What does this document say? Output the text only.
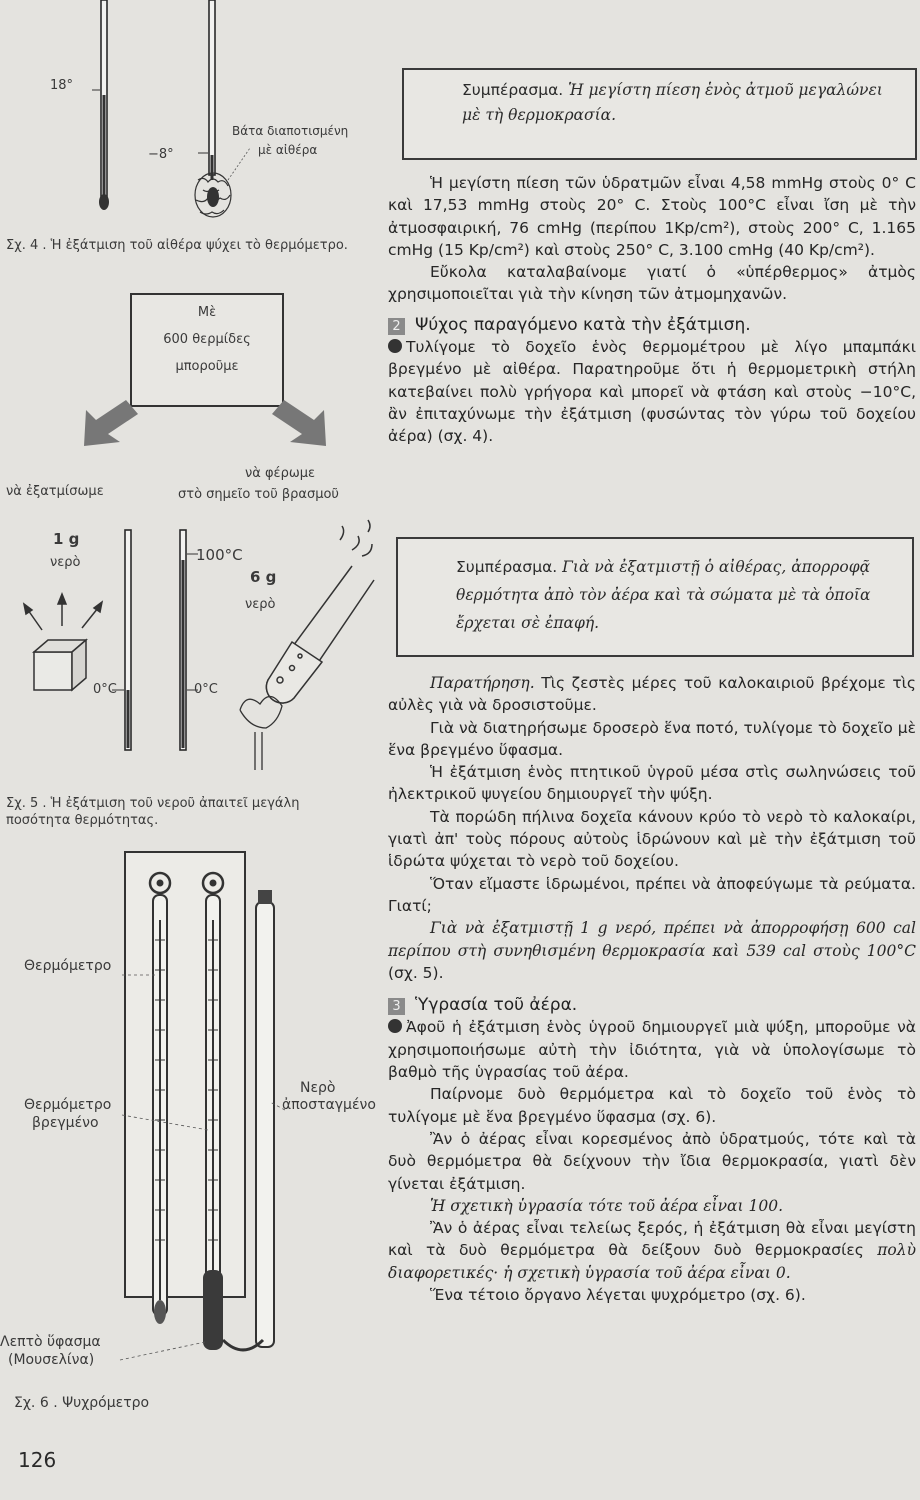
18°
−8°
Βάτα διαποτισμένη
μὲ αἰθέρα
Σχ. 4 . Ἡ ἐξάτμιση τοῦ αἰθέρα ψύχει τὸ θερμόμετρο.
Μὲ
600 θερμίδες
μποροῦμε
νὰ ἐξατμίσωμε
νὰ φέρωμε
στὸ σημεῖο τοῦ βρασμοῦ
1 g
νερὸ	100°C
6 g
νερὸ
0°C	0°C
Σχ. 5 . Ἡ ἐξάτμιση τοῦ νεροῦ ἀπαιτεῖ μεγάλη ποσότητα θερμότητας.
Θερμόμετρο
Θερμόμετρο
βρεγμένο
Νερὸ
ἀποσταγμένο
Λεπτὸ ὕφασμα
(Μουσελίνα)
Σχ. 6 . Ψυχρόμετρο
126
Συμπέρασμα. Ἡ μεγίστη πίεση ἑνὸς ἀτμοῦ μεγαλώνει μὲ τὴ θερμοκρασία.

Ἡ μεγίστη πίεση τῶν ὑδρατμῶν εἶναι 4,58 mmHg στοὺς 0° C καὶ 17,53 mmHg στοὺς 20° C. Στοὺς 100°C εἶναι ἴση μὲ τὴν ἀτμοσφαιρική, 76 cmHg (περίπου 1Kp/cm²), στοὺς 200° C, 1.165 cmHg (15 Kp/cm²) καὶ στοὺς 250° C, 3.100 cmHg (40 Kp/cm²).

Εὔκολα καταλαβαίνομε γιατί ὁ «ὑπέρθερμος» ἀτμὸς χρησιμοποιεῖται γιὰ τὴν κίνηση τῶν ἀτμομηχανῶν.

2 Ψύχος παραγόμενο κατὰ τὴν ἐξάτμιση.

Τυλίγομε τὸ δοχεῖο ἑνὸς θερμομέτρου μὲ λίγο μπαμπάκι βρεγμένο μὲ αἰθέρα. Παρατηροῦμε ὅτι ἡ θερμομετρικὴ στήλη κατεβαίνει πολὺ γρήγορα καὶ μπορεῖ νὰ φτάση καὶ στοὺς −10°C, ἂν ἐπιταχύνωμε τὴν ἐξάτμιση (φυσώντας τὸν γύρω τοῦ δοχείου ἀέρα) (σχ. 4).

Συμπέρασμα. Γιὰ νὰ ἐξατμιστῇ ὁ αἰθέρας, ἀπορροφᾷ θερμότητα ἀπὸ τὸν ἀέρα καὶ τὰ σώματα μὲ τὰ ὁποῖα ἔρχεται σὲ ἐπαφή.

Παρατήρηση. Τὶς ζεστὲς μέρες τοῦ καλοκαιριοῦ βρέχομε τὶς αὐλὲς γιὰ νὰ δροσιστοῦμε.

Γιὰ νὰ διατηρήσωμε δροσερὸ ἕνα ποτό, τυλίγομε τὸ δοχεῖο μὲ ἕνα βρεγμένο ὕφασμα.

Ἡ ἐξάτμιση ἑνὸς πτητικοῦ ὑγροῦ μέσα στὶς σωληνώσεις τοῦ ἠλεκτρικοῦ ψυγείου δημιουργεῖ τὴν ψύξη.

Τὰ πορώδη πήλινα δοχεῖα κάνουν κρύο τὸ νερὸ τὸ καλοκαίρι, γιατὶ ἀπ' τοὺς πόρους αὐτοὺς ἱδρώνουν καὶ μὲ τὴν ἐξάτμιση τοῦ ἱδρώτα ψύχεται τὸ νερὸ τοῦ δοχείου.

Ὅταν εἴμαστε ἱδρωμένοι, πρέπει νὰ ἀποφεύγωμε τὰ ρεύματα. Γιατί;

Γιὰ νὰ ἐξατμιστῇ 1 g νερό, πρέπει νὰ ἀπορροφήσῃ 600 cal περίπου στὴ συνηθισμένη θερμοκρασία καὶ 539 cal στοὺς 100°C (σχ. 5).

3 Ὑγρασία τοῦ ἀέρα.

Ἀφοῦ ἡ ἐξάτμιση ἑνὸς ὑγροῦ δημιουργεῖ μιὰ ψύξη, μποροῦμε νὰ χρησιμοποιήσωμε αὐτὴ τὴν ἰδιότητα, γιὰ νὰ ὑπολογίσωμε τὸ βαθμὸ τῆς ὑγρασίας τοῦ ἀέρα.

Παίρνομε δυὸ θερμόμετρα καὶ τὸ δοχεῖο τοῦ ἑνὸς τὸ τυλίγομε μὲ ἕνα βρεγμένο ὕφασμα (σχ. 6).

Ἂν ὁ ἀέρας εἶναι κορεσμένος ἀπὸ ὑδρατμούς, τότε καὶ τὰ δυὸ θερμόμετρα θὰ δείχνουν τὴν ἴδια θερμοκρασία, γιατὶ δὲν γίνεται ἐξάτμιση.

Ἡ σχετικὴ ὑγρασία τότε τοῦ ἀέρα εἶναι 100.

Ἂν ὁ ἀέρας εἶναι τελείως ξερός, ἡ ἐξάτμιση θὰ εἶναι μεγίστη καὶ τὰ δυὸ θερμόμετρα θὰ δείξουν δυὸ θερμοκρασίες πολὺ διαφορετικές· ἡ σχετικὴ ὑγρασία τοῦ ἀέρα εἶναι 0.

Ἕνα τέτοιο ὄργανο λέγεται ψυχρόμετρο (σχ. 6).
